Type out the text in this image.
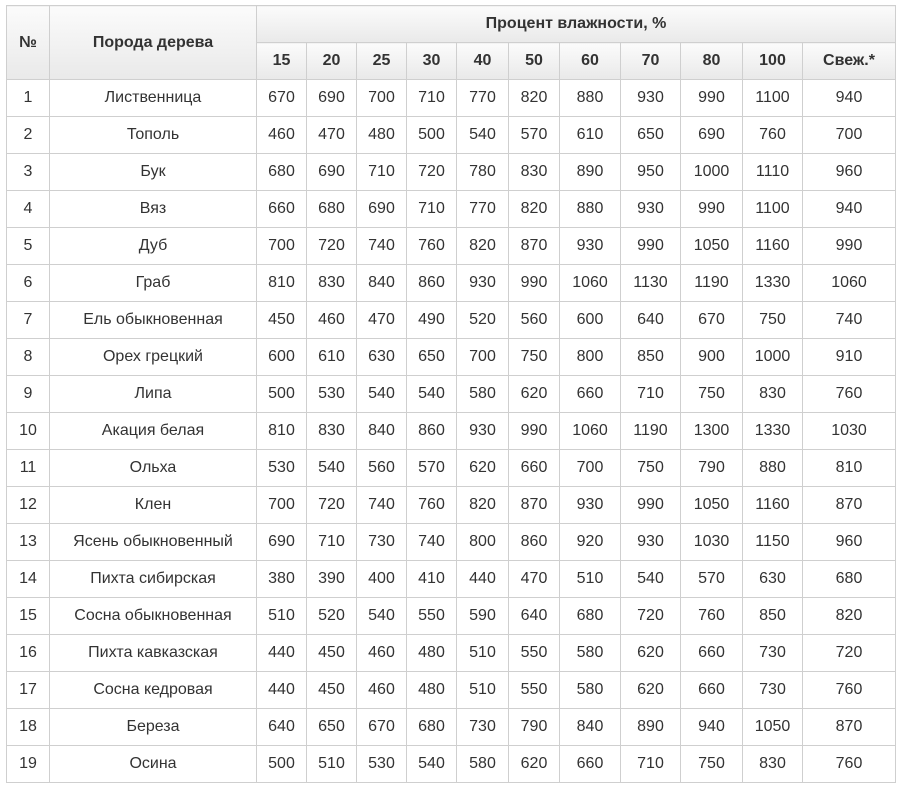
№	Порода дерева	Процент влажности, %										
		15	20	25	30	40	50	60	70	80	100	Свеж.*
1	Лиственница	670	690	700	710	770	820	880	930	990	1100	940
2	Тополь	460	470	480	500	540	570	610	650	690	760	700
3	Бук	680	690	710	720	780	830	890	950	1000	1110	960
4	Вяз	660	680	690	710	770	820	880	930	990	1100	940
5	Дуб	700	720	740	760	820	870	930	990	1050	1160	990
6	Граб	810	830	840	860	930	990	1060	1130	1190	1330	1060
7	Ель обыкновенная	450	460	470	490	520	560	600	640	670	750	740
8	Орех грецкий	600	610	630	650	700	750	800	850	900	1000	910
9	Липа	500	530	540	540	580	620	660	710	750	830	760
10	Акация белая	810	830	840	860	930	990	1060	1190	1300	1330	1030
11	Ольха	530	540	560	570	620	660	700	750	790	880	810
12	Клен	700	720	740	760	820	870	930	990	1050	1160	870
13	Ясень обыкновенный	690	710	730	740	800	860	920	930	1030	1150	960
14	Пихта сибирская	380	390	400	410	440	470	510	540	570	630	680
15	Сосна обыкновенная	510	520	540	550	590	640	680	720	760	850	820
16	Пихта кавказская	440	450	460	480	510	550	580	620	660	730	720
17	Сосна кедровая	440	450	460	480	510	550	580	620	660	730	760
18	Береза	640	650	670	680	730	790	840	890	940	1050	870
19	Осина	500	510	530	540	580	620	660	710	750	830	760
